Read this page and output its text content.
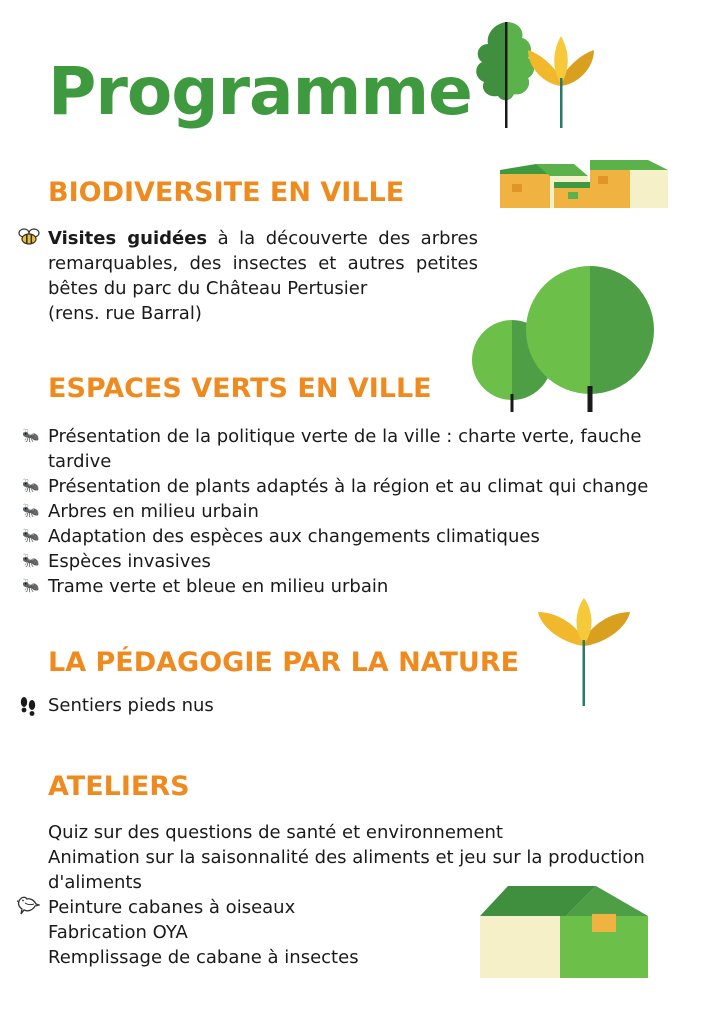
Programme
BIODIVERSITE EN VILLE
Visites guidées à la découverte des arbres remarquables, des insectes et autres petites bêtes du parc du Château Pertusier
(rens. rue Barral)
ESPACES VERTS EN VILLE
🐜 Présentation de la politique verte de la ville : charte verte, fauche tardive
🐜 Présentation de plants adaptés à la région et au climat qui change
🐜 Arbres en milieu urbain
🐜 Adaptation des espèces aux changements climatiques
🐜 Espèces invasives
🐜 Trame verte et bleue en milieu urbain
LA PÉDAGOGIE PAR LA NATURE
Sentiers pieds nus
ATELIERS
Quiz sur des questions de santé et environnement
Animation sur la saisonnalité des aliments et jeu sur la production d'aliments
Peinture cabanes à oiseaux
Fabrication OYA
Remplissage de cabane à insectes
